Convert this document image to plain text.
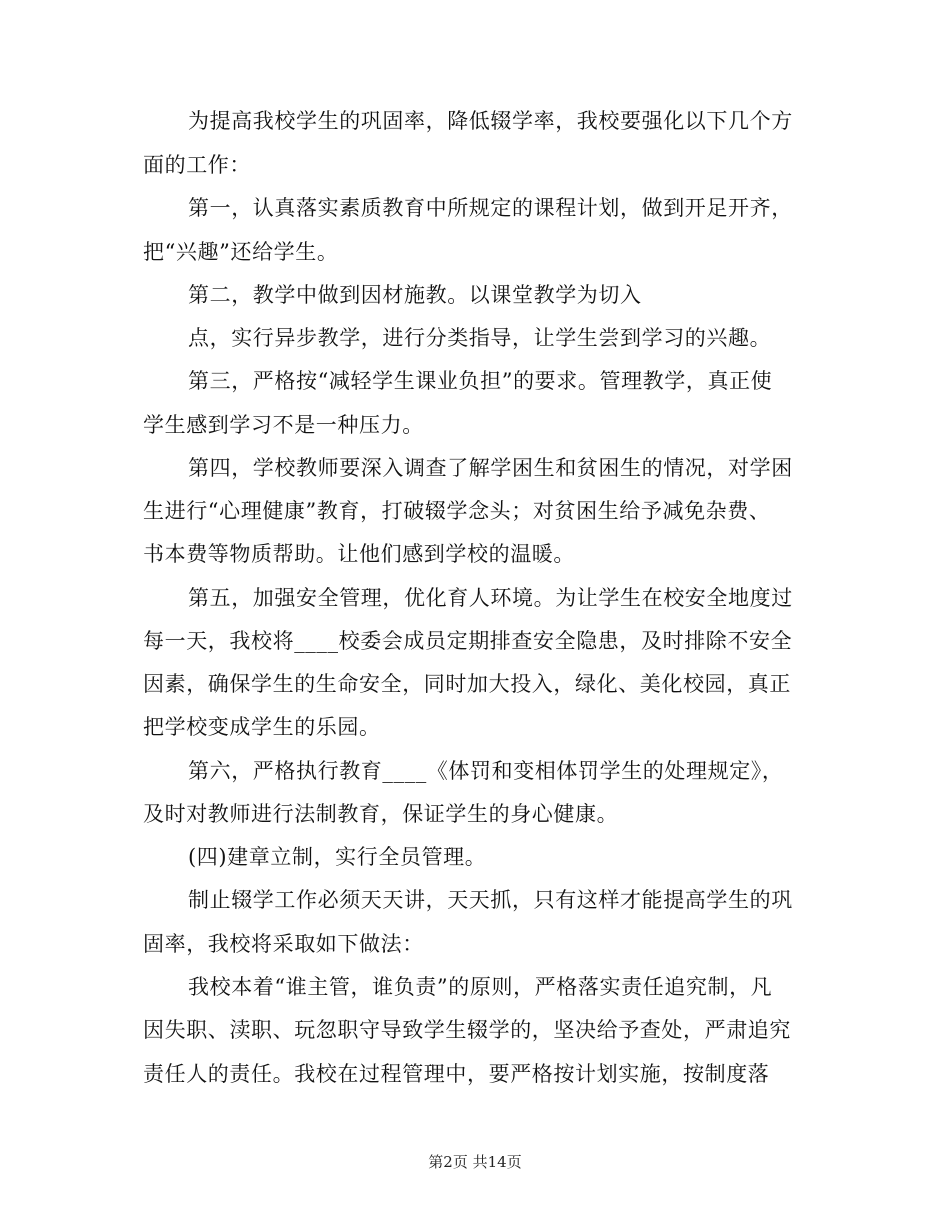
为提高我校学生的巩固率，降低辍学率，我校要强化以下几个方
面的工作：
第一，认真落实素质教育中所规定的课程计划，做到开足开齐，
把“兴趣”还给学生。
第二，教学中做到因材施教。以课堂教学为切入
点，实行异步教学，进行分类指导，让学生尝到学习的兴趣。
第三，严格按“减轻学生课业负担”的要求。管理教学，真正使
学生感到学习不是一种压力。
第四，学校教师要深入调查了解学困生和贫困生的情况，对学困
生进行“心理健康”教育，打破辍学念头；对贫困生给予减免杂费、
书本费等物质帮助。让他们感到学校的温暖。
第五，加强安全管理，优化育人环境。为让学生在校安全地度过
每一天，我校将____校委会成员定期排查安全隐患，及时排除不安全
因素，确保学生的生命安全，同时加大投入，绿化、美化校园，真正
把学校变成学生的乐园。
第六，严格执行教育____《体罚和变相体罚学生的处理规定》，
及时对教师进行法制教育，保证学生的身心健康。
(四)建章立制，实行全员管理。
制止辍学工作必须天天讲，天天抓，只有这样才能提高学生的巩
固率，我校将采取如下做法：
我校本着“谁主管，谁负责”的原则，严格落实责任追究制，凡
因失职、渎职、玩忽职守导致学生辍学的，坚决给予查处，严肃追究
责任人的责任。我校在过程管理中，要严格按计划实施，按制度落
第2页 共14页
